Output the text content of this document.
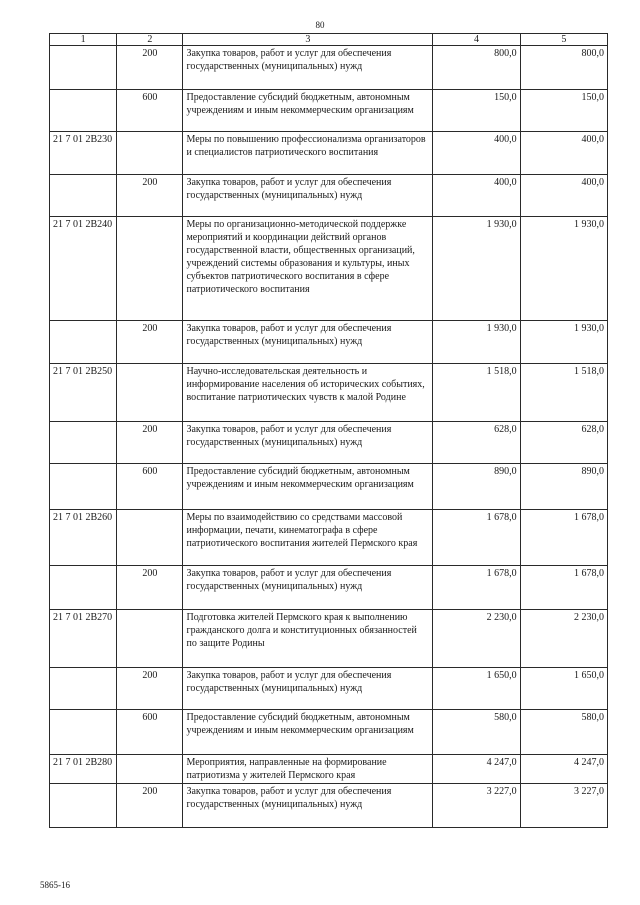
80
1	2	3	4	5
	200	Закупка товаров, работ и услуг для обеспечения государственных (муниципальных) нужд	800,0	800,0
	600	Предоставление субсидий бюджетным, автономным учреждениям и иным некоммерческим организациям	150,0	150,0
21 7 01 2В230		Меры по повышению профессионализма организаторов и специалистов патриотического воспитания	400,0	400,0
	200	Закупка товаров, работ и услуг для обеспечения государственных (муниципальных) нужд	400,0	400,0
21 7 01 2В240		Меры по организационно-методической поддержке мероприятий и координации действий органов государственной власти, общественных организаций, учреждений системы образования и культуры, иных субъектов патриотического воспитания в сфере патриотического воспитания	1 930,0	1 930,0
	200	Закупка товаров, работ и услуг для обеспечения государственных (муниципальных) нужд	1 930,0	1 930,0
21 7 01 2В250		Научно-исследовательская деятельность и информирование населения об исторических событиях, воспитание патриотических чувств к малой Родине	1 518,0	1 518,0
	200	Закупка товаров, работ и услуг для обеспечения государственных (муниципальных) нужд	628,0	628,0
	600	Предоставление субсидий бюджетным, автономным учреждениям и иным некоммерческим организациям	890,0	890,0
21 7 01 2В260		Меры по взаимодействию со средствами массовой информации, печати, кинематографа в сфере патриотического воспитания жителей Пермского края	1 678,0	1 678,0
	200	Закупка товаров, работ и услуг для обеспечения государственных (муниципальных) нужд	1 678,0	1 678,0
21 7 01 2В270		Подготовка жителей Пермского края к выполнению гражданского долга и конституционных обязанностей по защите Родины	2 230,0	2 230,0
	200	Закупка товаров, работ и услуг для обеспечения государственных (муниципальных) нужд	1 650,0	1 650,0
	600	Предоставление субсидий бюджетным, автономным учреждениям и иным некоммерческим организациям	580,0	580,0
21 7 01 2В280		Мероприятия, направленные на формирование патриотизма у жителей Пермского края	4 247,0	4 247,0
	200	Закупка товаров, работ и услуг для обеспечения государственных (муниципальных) нужд	3 227,0	3 227,0
5865-16
